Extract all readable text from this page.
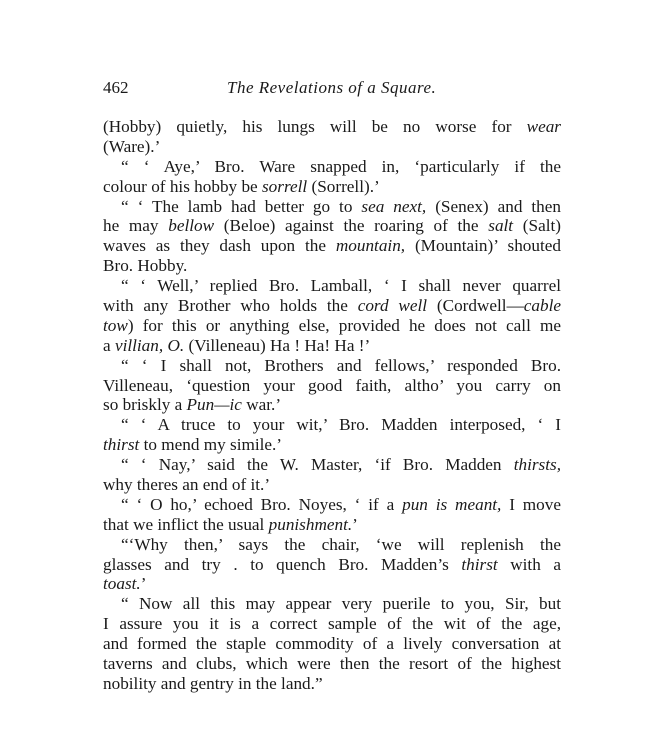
462	The Revelations of a Square.
(Hobby) quietly, his lungs will be no worse for wear
(Ware).’
“ ‘ Aye,’ Bro. Ware snapped in, ‘particularly if the
colour of his hobby be sorrell (Sorrell).’
“ ‘ The lamb had better go to sea next, (Senex) and then
he may bellow (Beloe) against the roaring of the salt (Salt)
waves as they dash upon the mountain, (Mountain)’ shouted
Bro. Hobby.
“ ‘ Well,’ replied Bro. Lamball, ‘ I shall never quarrel
with any Brother who holds the cord well (Cordwell—cable
tow) for this or anything else, provided he does not call me
a villian, O. (Villeneau) Ha ! Ha! Ha !’
“ ‘ I shall not, Brothers and fellows,’ responded Bro.
Villeneau, ‘question your good faith, altho’ you carry on
so briskly a Pun—ic war.’
“ ‘ A truce to your wit,’ Bro. Madden interposed, ‘ I
thirst to mend my simile.’
“ ‘ Nay,’ said the W. Master, ‘if Bro. Madden thirsts,
why theres an end of it.’
“ ‘ O ho,’ echoed Bro. Noyes, ‘ if a pun is meant, I move
that we inflict the usual punishment.’
“‘Why then,’ says the chair, ‘we will replenish the
glasses and try . to quench Bro. Madden’s thirst with a
toast.’
“ Now all this may appear very puerile to you, Sir, but
I assure you it is a correct sample of the wit of the age,
and formed the staple commodity of a lively conversation at
taverns and clubs, which were then the resort of the highest
nobility and gentry in the land.”
